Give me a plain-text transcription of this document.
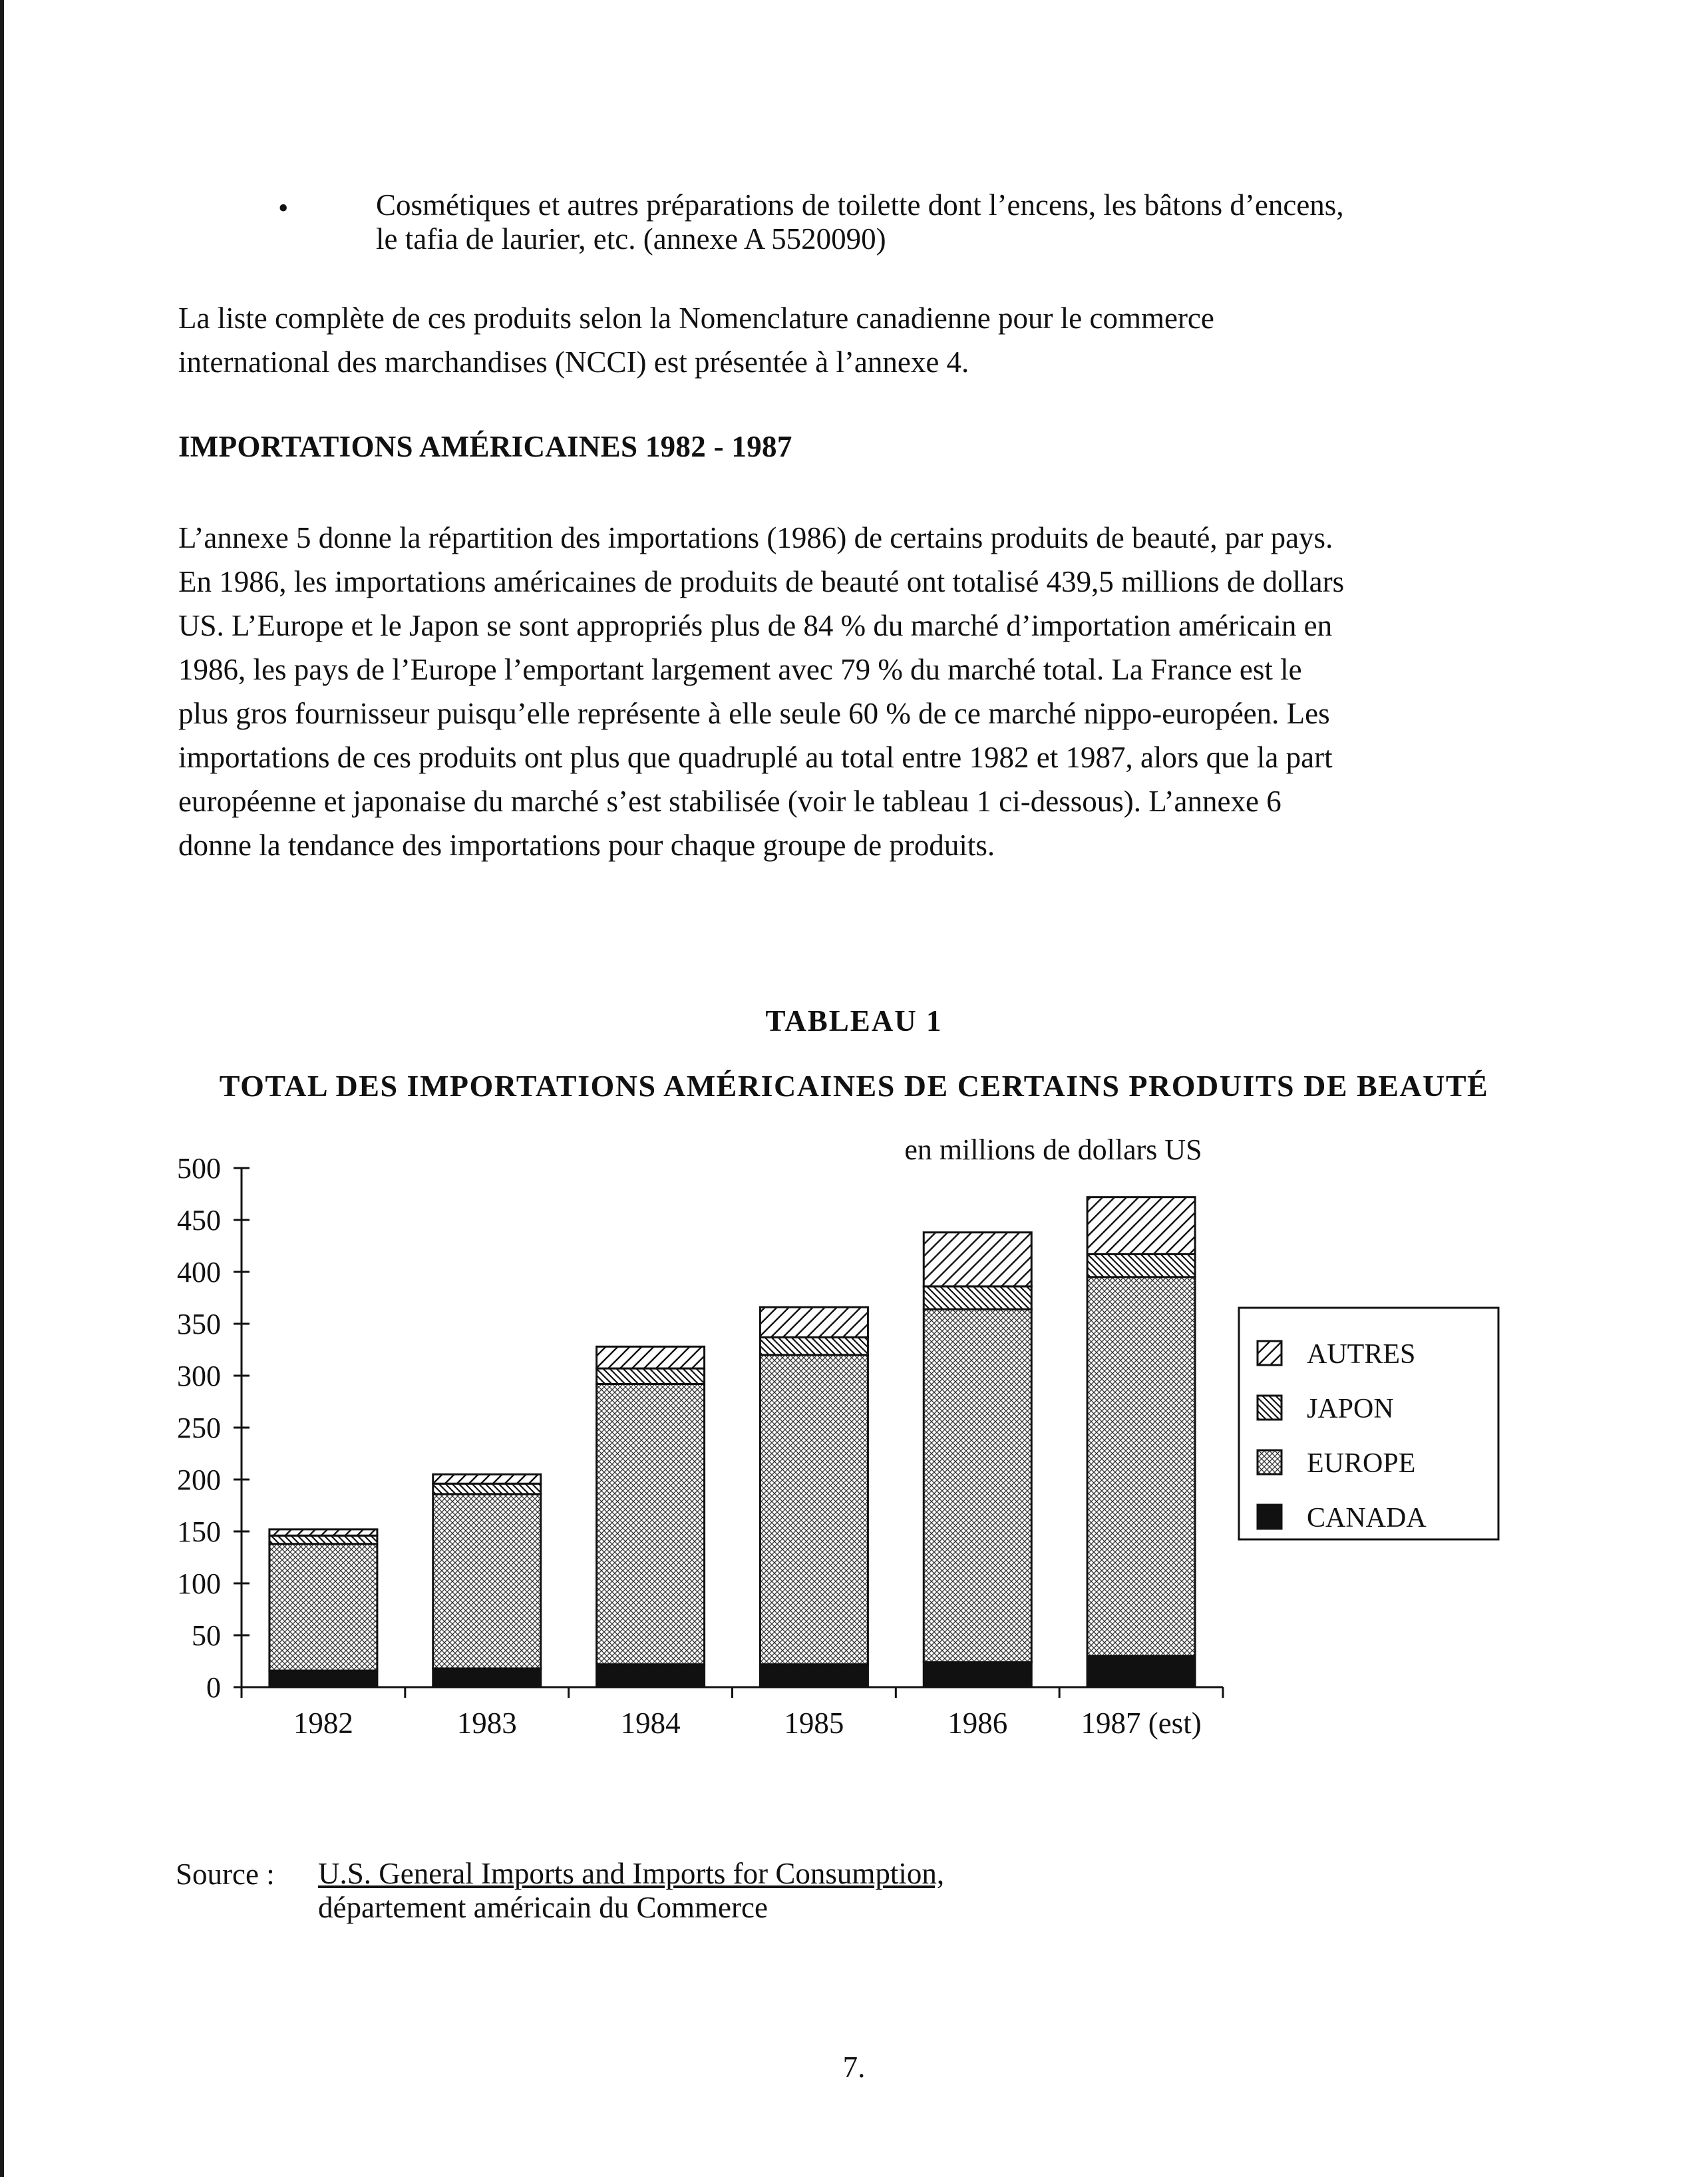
•	Cosmétiques et autres préparations de toilette dont l’encens, les bâtons d’encens,
le tafia de laurier, etc. (annexe A 5520090)
La liste complète de ces produits selon la Nomenclature canadienne pour le commerce
international des marchandises (NCCI) est présentée à l’annexe 4.
IMPORTATIONS AMÉRICAINES 1982 - 1987
L’annexe 5 donne la répartition des importations (1986) de certains produits de beauté, par pays.
En 1986, les importations américaines de produits de beauté ont totalisé 439,5 millions de dollars
US. L’Europe et le Japon se sont appropriés plus de 84 % du marché d’importation américain en
1986, les pays de l’Europe l’emportant largement avec 79 % du marché total. La France est le
plus gros fournisseur puisqu’elle représente à elle seule 60 % de ce marché nippo-européen. Les
importations de ces produits ont plus que quadruplé au total entre 1982 et 1987, alors que la part
européenne et japonaise du marché s’est stabilisée (voir le tableau 1 ci-dessous). L’annexe 6
donne la tendance des importations pour chaque groupe de produits.
TABLEAU 1
TOTAL DES IMPORTATIONS AMÉRICAINES DE CERTAINS PRODUITS DE BEAUTÉ
en millions de dollars US
0
50
100
150
200
250
300
350
400
450
500
1982	1983	1984	1985	1986 1987 (est)
AUTRES
JAPON
EUROPE
CANADA
Source : U.S. General Imports and Imports for Consumption,
département américain du Commerce
7.
